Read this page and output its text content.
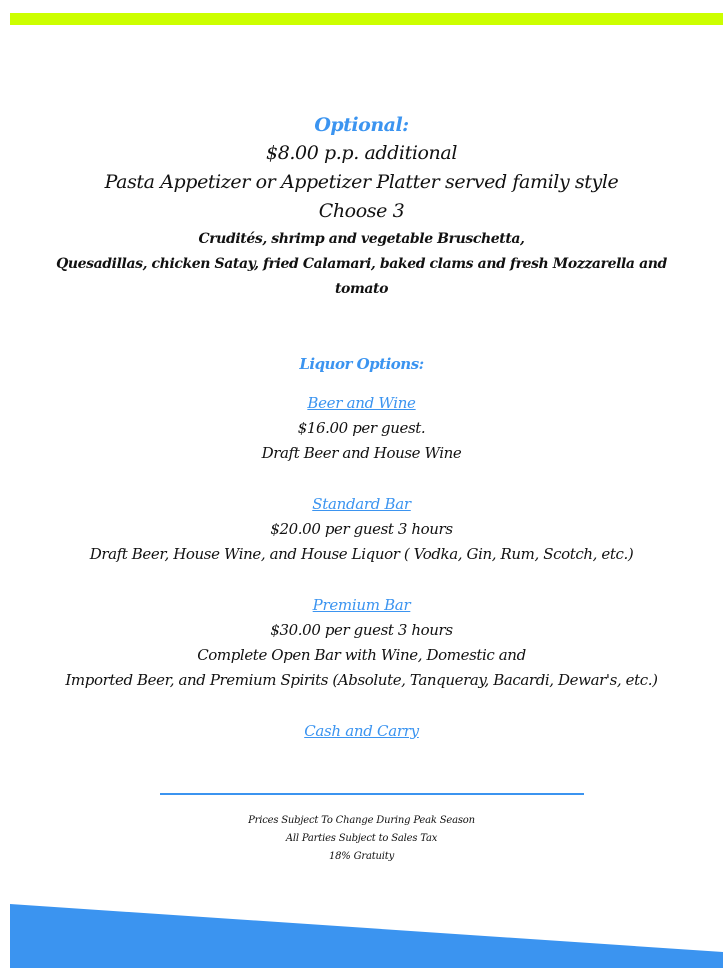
Optional:
$8.00 p.p. additional
Pasta Appetizer or Appetizer Platter served family style
Choose 3
Crudités, shrimp and vegetable Bruschetta,
Quesadillas, chicken Satay, fried Calamari, baked clams and fresh Mozzarella and
tomato
Liquor Options:
Beer and Wine
$16.00 per guest.
Draft Beer and House Wine
Standard Bar
$20.00 per guest 3 hours
Draft Beer, House Wine, and House Liquor ( Vodka, Gin, Rum, Scotch, etc.)
Premium Bar
$30.00 per guest 3 hours
Complete Open Bar with Wine, Domestic and
Imported Beer, and Premium Spirits (Absolute, Tanqueray, Bacardi, Dewar's, etc.)
Cash and Carry
Prices Subject To Change During Peak Season
All Parties Subject to Sales Tax
18% Gratuity
